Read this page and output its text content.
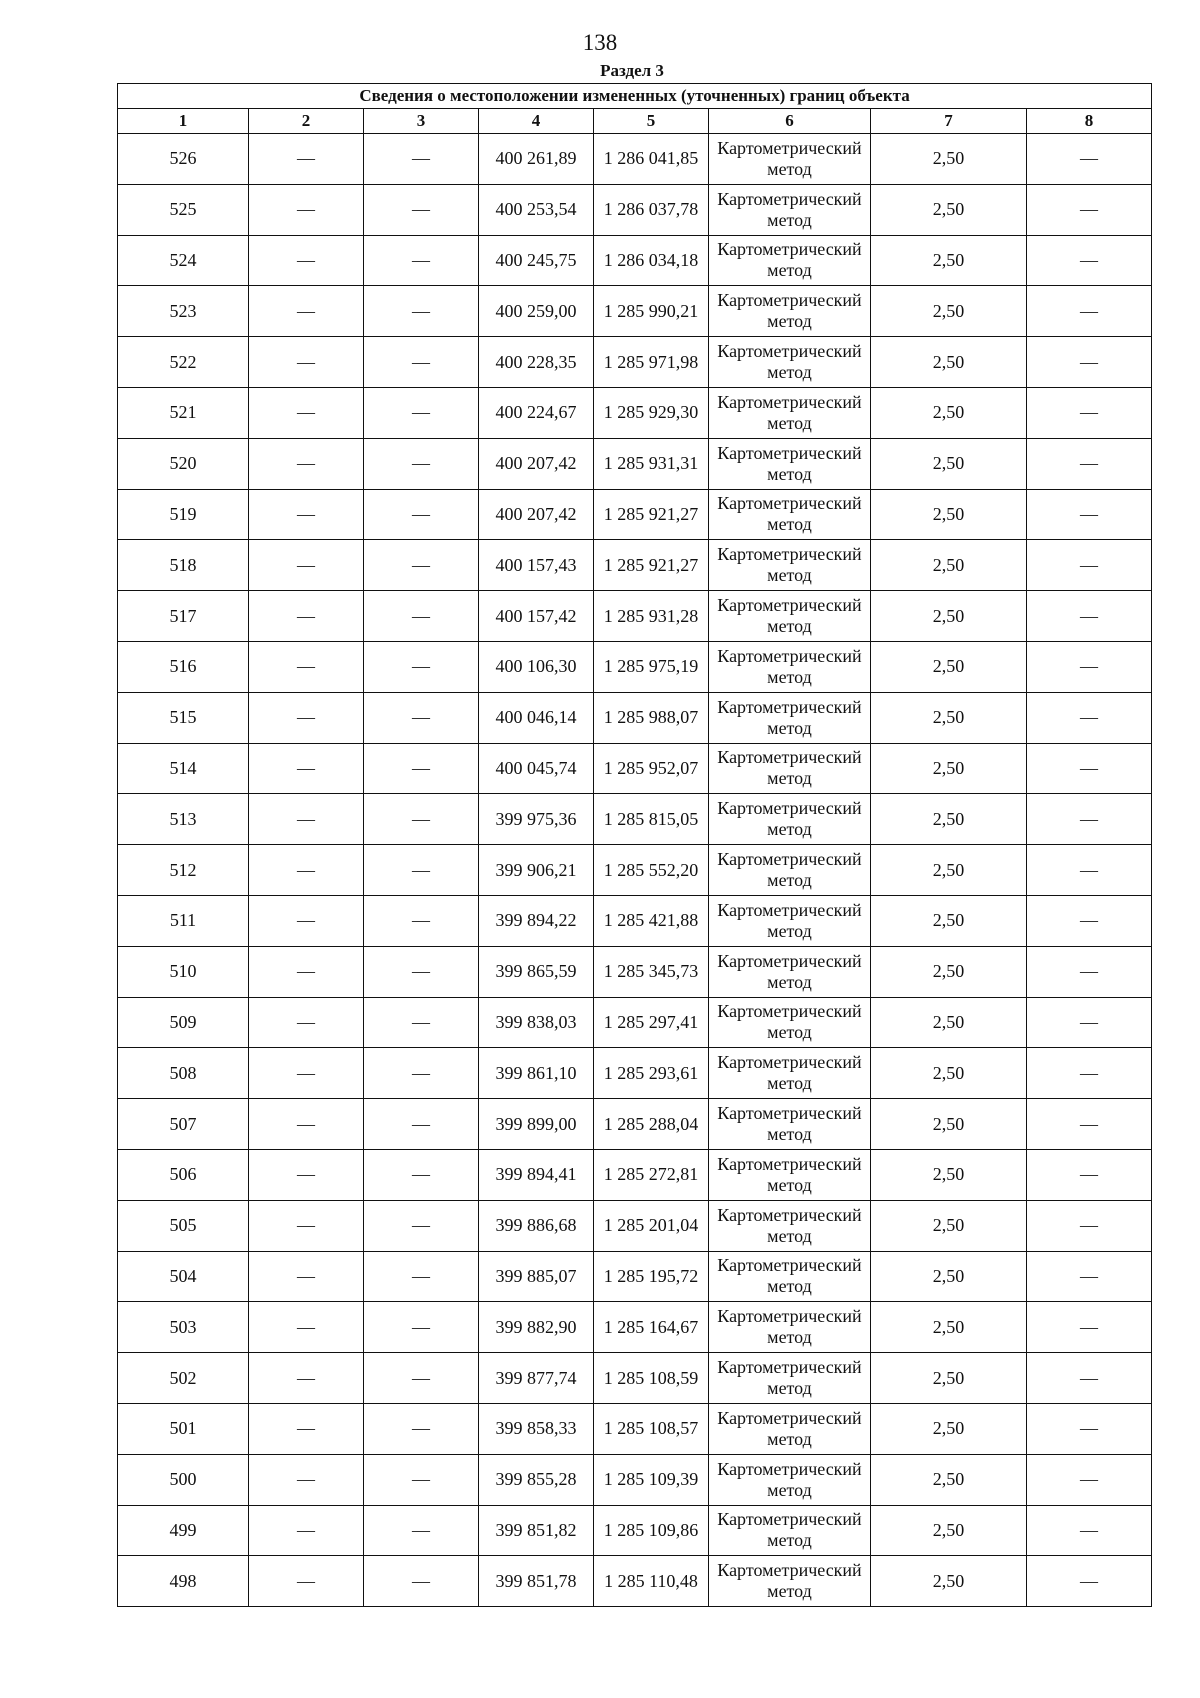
138
Раздел 3
Сведения о местоположении измененных (уточненных) границ объекта							
1	2	3	4	5	6	7	8
526	—	—	400 261,89	1 286 041,85	Картометрический метод	2,50	—
525	—	—	400 253,54	1 286 037,78	Картометрический метод	2,50	—
524	—	—	400 245,75	1 286 034,18	Картометрический метод	2,50	—
523	—	—	400 259,00	1 285 990,21	Картометрический метод	2,50	—
522	—	—	400 228,35	1 285 971,98	Картометрический метод	2,50	—
521	—	—	400 224,67	1 285 929,30	Картометрический метод	2,50	—
520	—	—	400 207,42	1 285 931,31	Картометрический метод	2,50	—
519	—	—	400 207,42	1 285 921,27	Картометрический метод	2,50	—
518	—	—	400 157,43	1 285 921,27	Картометрический метод	2,50	—
517	—	—	400 157,42	1 285 931,28	Картометрический метод	2,50	—
516	—	—	400 106,30	1 285 975,19	Картометрический метод	2,50	—
515	—	—	400 046,14	1 285 988,07	Картометрический метод	2,50	—
514	—	—	400 045,74	1 285 952,07	Картометрический метод	2,50	—
513	—	—	399 975,36	1 285 815,05	Картометрический метод	2,50	—
512	—	—	399 906,21	1 285 552,20	Картометрический метод	2,50	—
511	—	—	399 894,22	1 285 421,88	Картометрический метод	2,50	—
510	—	—	399 865,59	1 285 345,73	Картометрический метод	2,50	—
509	—	—	399 838,03	1 285 297,41	Картометрический метод	2,50	—
508	—	—	399 861,10	1 285 293,61	Картометрический метод	2,50	—
507	—	—	399 899,00	1 285 288,04	Картометрический метод	2,50	—
506	—	—	399 894,41	1 285 272,81	Картометрический метод	2,50	—
505	—	—	399 886,68	1 285 201,04	Картометрический метод	2,50	—
504	—	—	399 885,07	1 285 195,72	Картометрический метод	2,50	—
503	—	—	399 882,90	1 285 164,67	Картометрический метод	2,50	—
502	—	—	399 877,74	1 285 108,59	Картометрический метод	2,50	—
501	—	—	399 858,33	1 285 108,57	Картометрический метод	2,50	—
500	—	—	399 855,28	1 285 109,39	Картометрический метод	2,50	—
499	—	—	399 851,82	1 285 109,86	Картометрический метод	2,50	—
498	—	—	399 851,78	1 285 110,48	Картометрический метод	2,50	—
